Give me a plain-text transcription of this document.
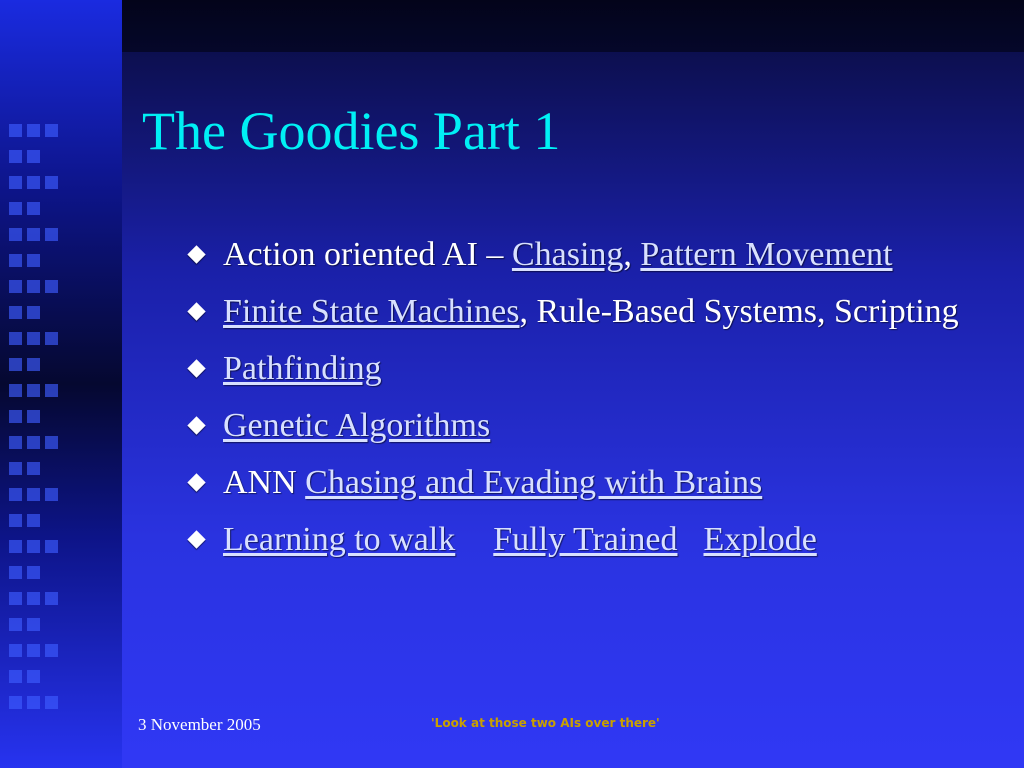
The Goodies Part 1
Action oriented AI – Chasing, Pattern Movement
Finite State Machines, Rule-Based Systems, Scripting
Pathfinding
Genetic Algorithms
ANN Chasing and Evading with Brains
Learning to walk Fully Trained Explode

3 November 2005	'Look at those two AIs over there'
